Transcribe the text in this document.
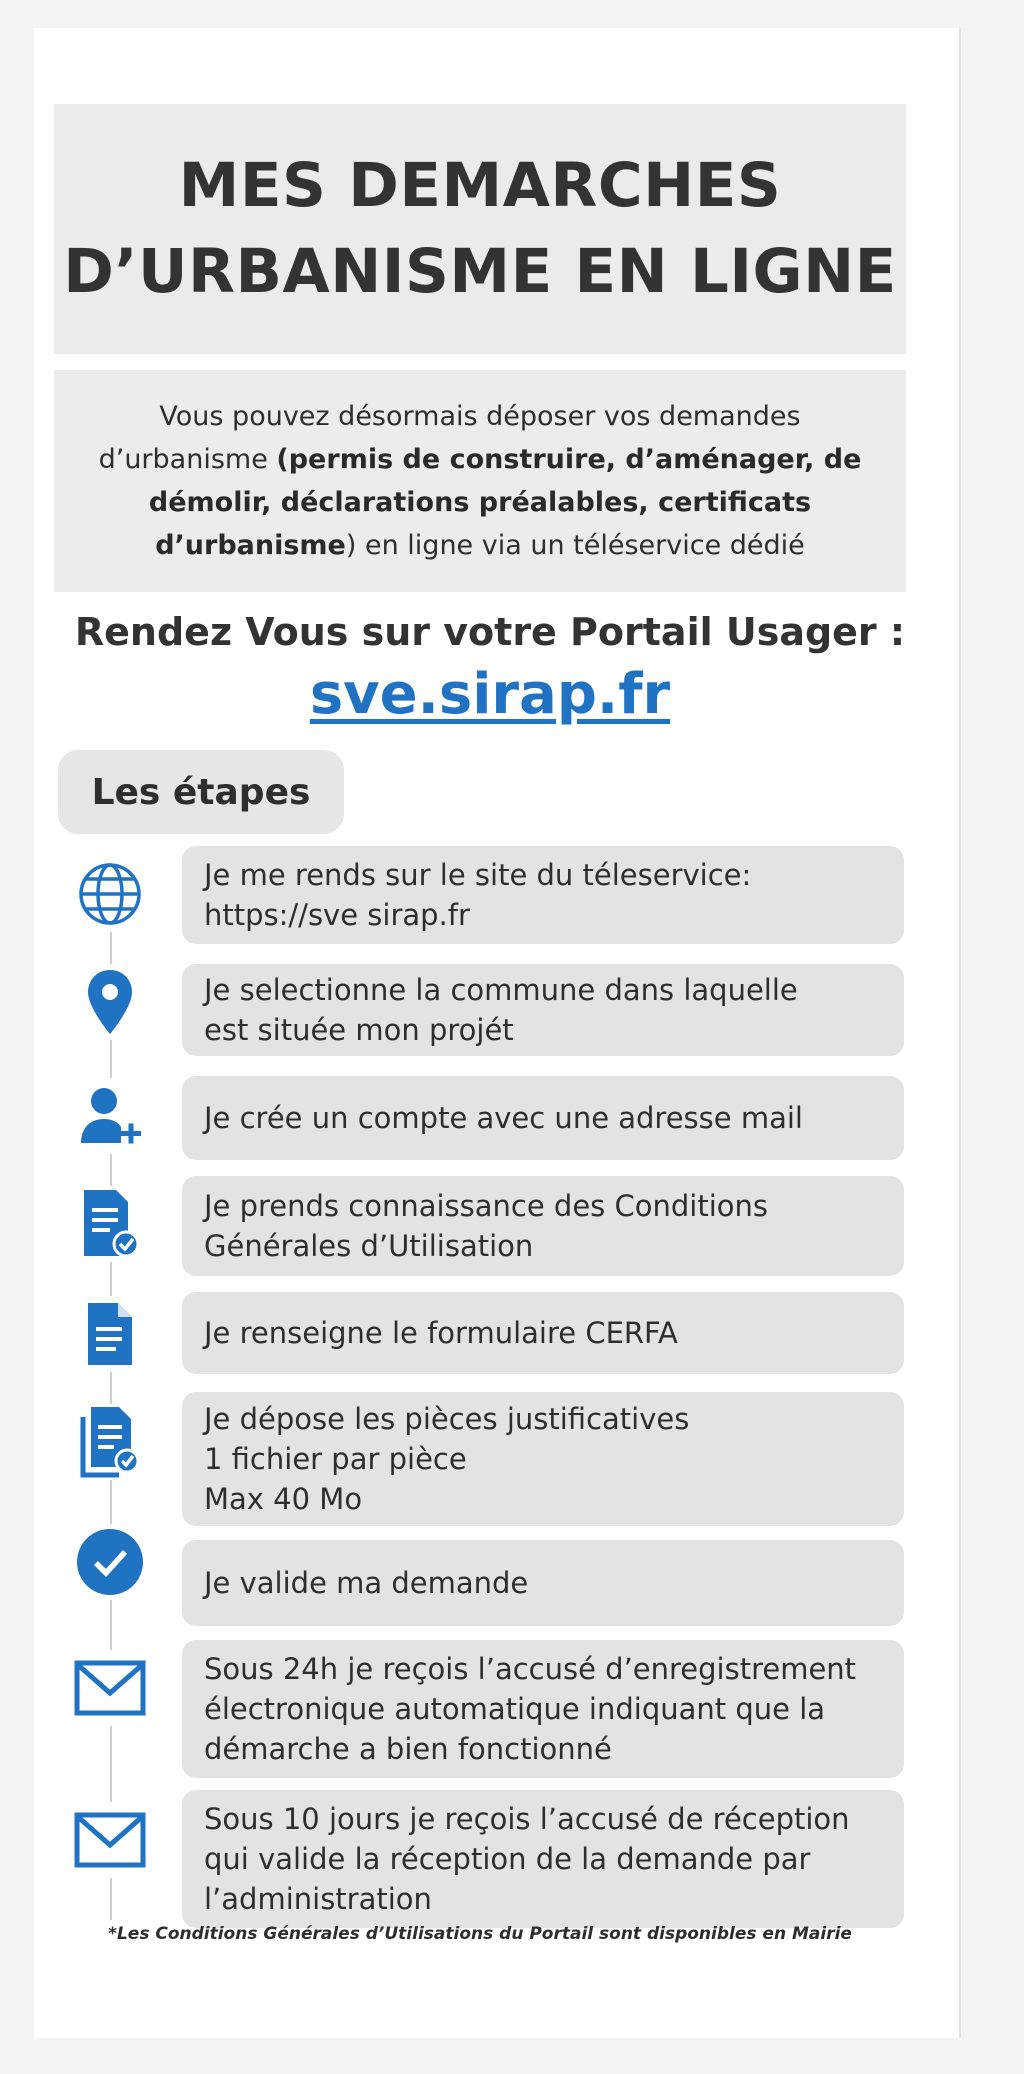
MES DEMARCHES
D’URBANISME EN LIGNE
Vous pouvez désormais déposer vos demandes d’urbanisme (permis de construire, d’aménager, de démolir, déclarations préalables, certificats d’urbanisme) en ligne via un téléservice dédié
Rendez Vous sur votre Portail Usager :
sve.sirap.fr
Les étapes
Je me rends sur le site du téleservice:
https://sve sirap.fr
Je selectionne la commune dans laquelle
est située mon projét
Je crée un compte avec une adresse mail
Je prends connaissance des Conditions
Générales d’Utilisation
Je renseigne le formulaire CERFA
Je dépose les pièces justificatives
1 fichier par pièce
Max 40 Mo
Je valide ma demande
Sous 24h je reçois l’accusé d’enregistrement
électronique automatique indiquant que la
démarche a bien fonctionné
Sous 10 jours je reçois l’accusé de réception
qui valide la réception de la demande par
l’administration
*Les Conditions Générales d’Utilisations du Portail sont disponibles en Mairie
